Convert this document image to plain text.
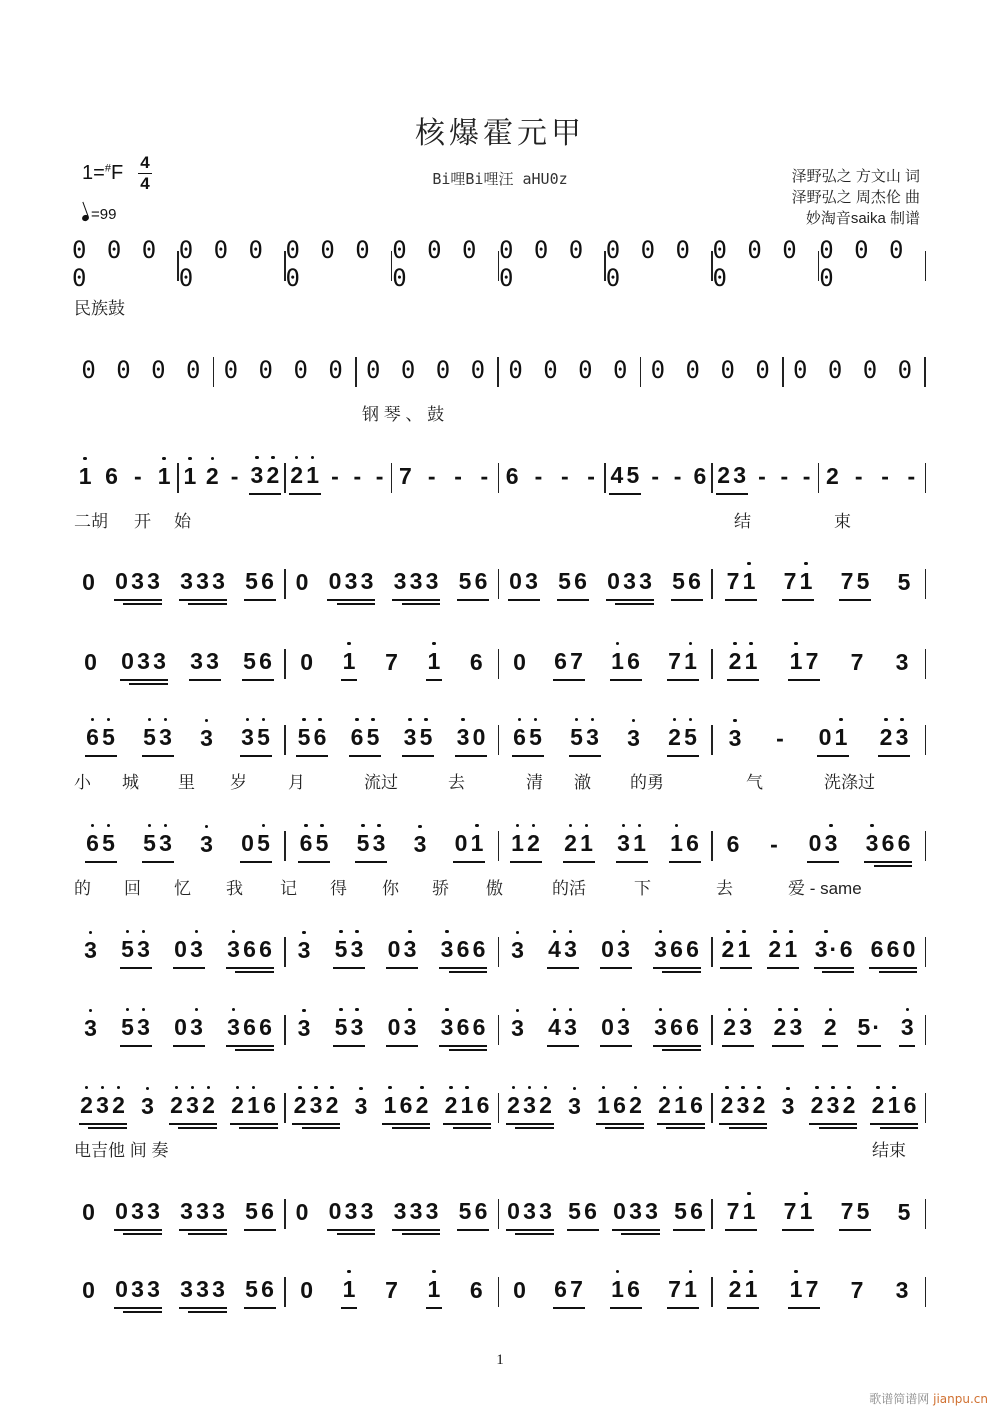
核爆霍元甲
1=#F 4
4
=99
Bi哩Bi哩汪 aHU0z	泽野弘之 方文山 词
泽野弘之 周杰伦 曲
妙淘音saika 制谱
0 0 0 0
0 0 0 0
0 0 0 0
0 0 0 0
0 0 0 0
0 0 0 0
0 0 0 0
0 0 0 0
0 0 0 0 0 0 0 0 0 0 0 0 0 0 0 0 0 0 0 0 0 0 0 0
1 6 - 1 1 2 - 3 2 2 1 - - - 7 - - - 6 - - - 4 5 - - 6 2 3 - - - 2 - - -
0 0 3 3 3 3 3 5 6 0 0 3 3 3 3 3 5 6 0 3 5 6 0 3 3 5 6 7 1 7 1 7 5 5
0 0 3 3 3 3 5 6 0 1 7 1 6 0 6 7 1 6 7 1 2 1 1 7 7 3
6 5 5 3 3 3 5 5 6 6 5 3 5 3 0 6 5 5 3 3 2 5 3 - 0 1 2 3
6 5 5 3 3 0 5 6 5 5 3 3 0 1 1 2 2 1 3 1 1 6 6 - 0 3 3 6 6
3 5 3 0 3 3 6 6 3 5 3 0 3 3 6 6 3 4 3 0 3 3 6 6 2 1 2 1 3 · 6 6 6 0
3 5 3 0 3 3 6 6 3 5 3 0 3 3 6 6 3 4 3 0 3 3 6 6 2 3 2 3 2 5 ·	3
2 3 2 3 2 3 2 2 1 6 2 3 2 3 1 6 2 2 1 6 2 3 2 3 1 6 2 2 1 6 2 3 2 3 2 3 2 2 1 6
0 0 3 3 3 3 3 5 6 0 0 3 3 3 3 3 5 6 0 3 3 5 6 0 3 3 5 6 7 1 7 1 7 5 5
0 0 3 3 3 3 3 5 6 0 1 7 1 6 0 6 7 1 6 7 1 2 1 1 7 7 3
民族鼓
钢 琴 、 鼓
二胡 开 始	结	束
小 城 里 岁 月	流过	去	清 澈 的勇	气	洗涤过
的 回 忆 我 记 得 你 骄 傲	的活	下	去	爱 - same
电吉他 间 奏	结束
1
歌谱简谱网 jianpu.cn
